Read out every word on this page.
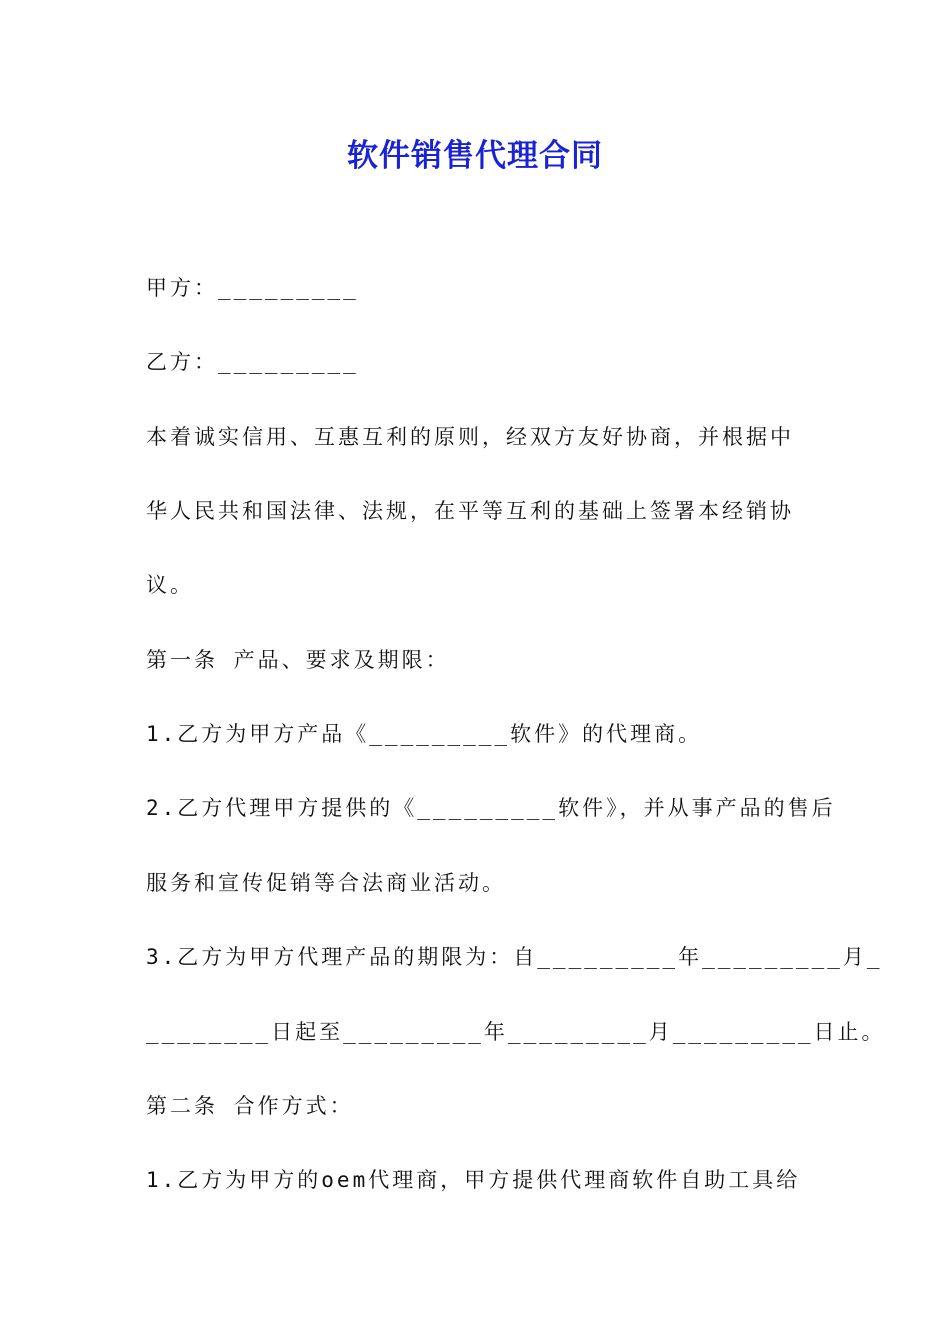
软件销售代理合同

甲方：_________

乙方：_________

本着诚实信用、互惠互利的原则，经双方友好协商，并根据中

华人民共和国法律、法规，在平等互利的基础上签署本经销协

议。

第一条 产品、要求及期限：

1.乙方为甲方产品《_________软件》的代理商。

2.乙方代理甲方提供的《_________软件》，并从事产品的售后

服务和宣传促销等合法商业活动。

3.乙方为甲方代理产品的期限为：自_________年_________月_

________日起至_________年_________月_________日止。

第二条 合作方式：

1.乙方为甲方的oem代理商，甲方提供代理商软件自助工具给
